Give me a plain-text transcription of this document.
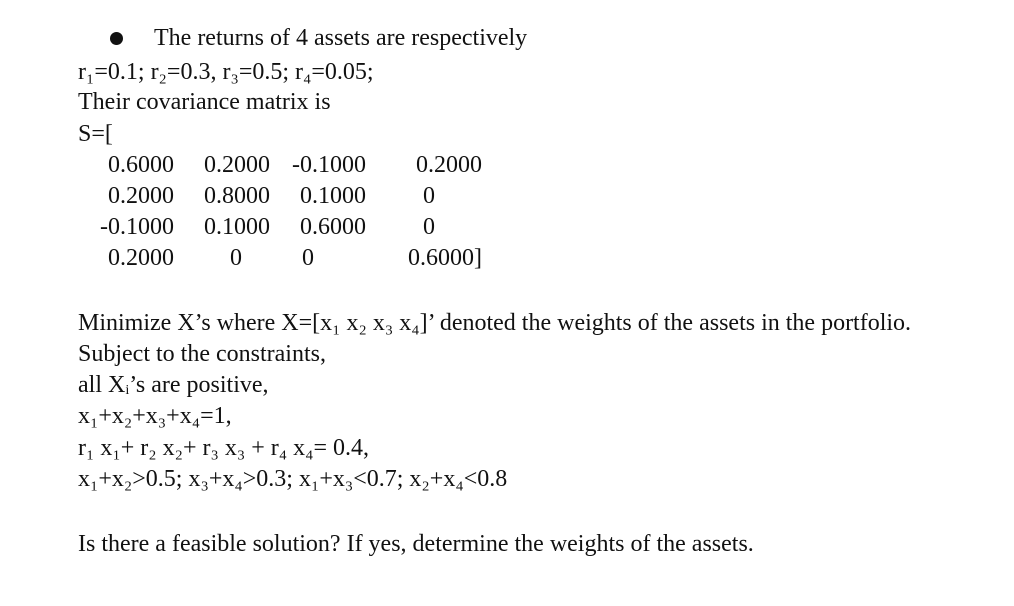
The returns of 4 assets are respectively
r₁=0.1; r₂=0.3, r₃=0.5; r₄=0.05;
Their covariance matrix is
S=[
0.6000	0.2000 -0.1000	0.2000
0.2000	0.8000	0.1000	0
-0.1000	0.1000	0.6000	0
0.2000	0	0	0.6000]
Minimize X’s where X=[x₁ x₂ x₃ x₄]’ denoted the weights of the assets in the portfolio.
Subject to the constraints,
all Xᵢ’s are positive,
x₁+x₂+x₃+x₄=1,
r₁ x₁+ r₂ x₂+ r₃ x₃ + r₄ x₄= 0.4,
x₁+x₂>0.5; x₃+x₄>0.3; x₁+x₃<0.7; x₂+x₄<0.8
Is there a feasible solution? If yes, determine the weights of the assets.
